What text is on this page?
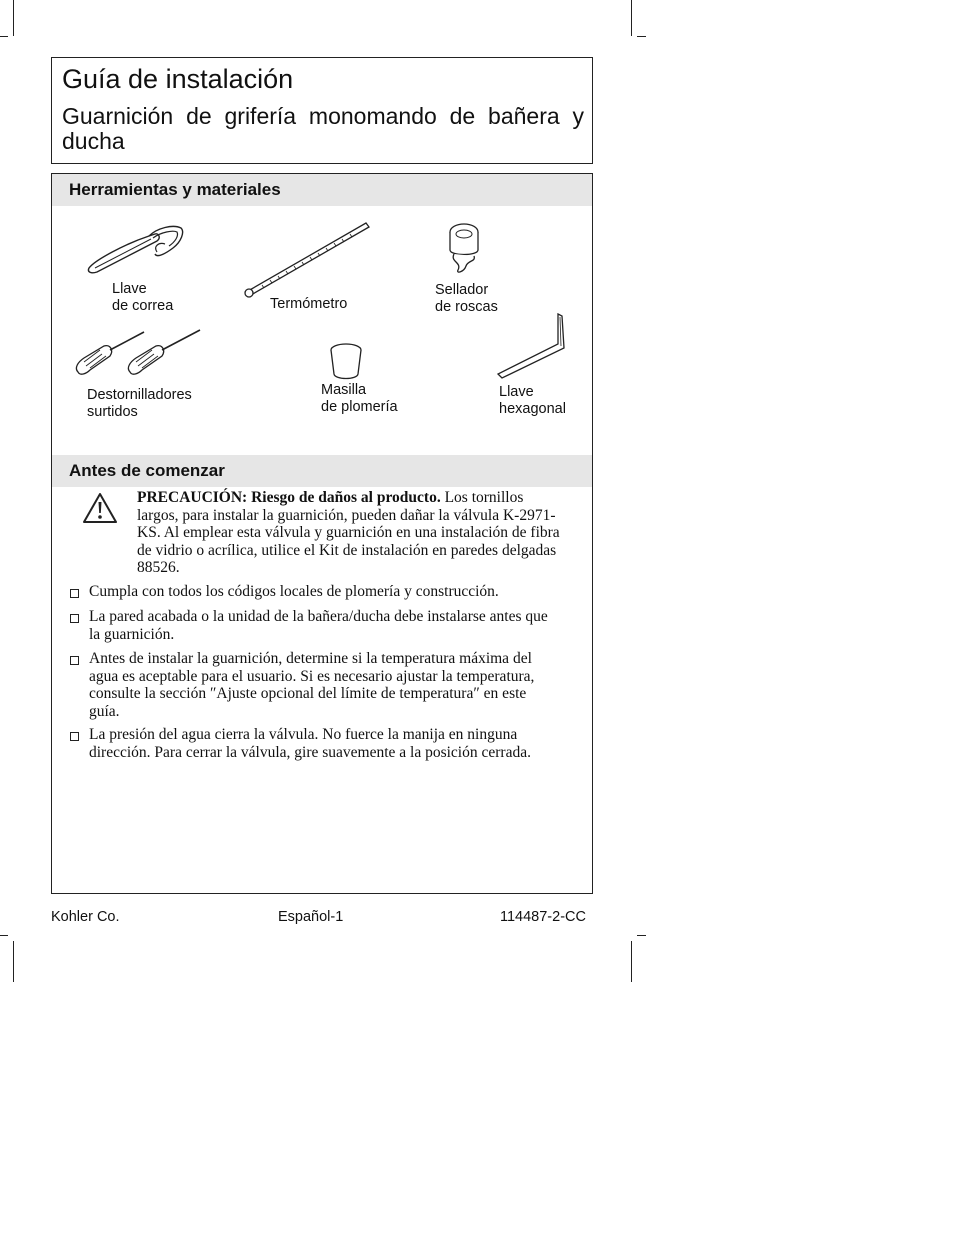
Guía de instalación
Guarnición de grifería monomando de bañera y ducha
Herramientas y materiales
Llave
de correa	Termómetro
Sellador
de roscas
Destornilladores
surtidos
Masilla
de plomería
Llave
hexagonal
Antes de comenzar
PRECAUCIÓN: Riesgo de daños al producto. Los tornillos largos, para instalar la guarnición, pueden dañar la válvula K-2971-KS. Al emplear esta válvula y guarnición en una instalación de fibra de vidrio o acrílica, utilice el Kit de instalación en paredes delgadas 88526.
Cumpla con todos los códigos locales de plomería y construcción.
La pared acabada o la unidad de la bañera/ducha debe instalarse antes que la guarnición.
Antes de instalar la guarnición, determine si la temperatura máxima del agua es aceptable para el usuario. Si es necesario ajustar la temperatura, consulte la sección ″Ajuste opcional del límite de temperatura″ en este guía.
La presión del agua cierra la válvula. No fuerce la manija en ninguna dirección. Para cerrar la válvula, gire suavemente a la posición cerrada.
Kohler Co.	Español-1	114487-2-CC
